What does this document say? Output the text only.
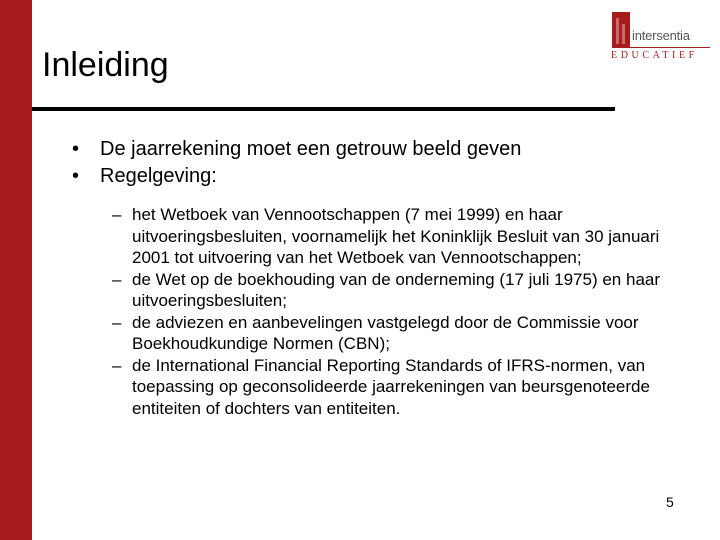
intersentia
EDUCATIEF
Inleiding
• De jaarrekening moet een getrouw beeld geven
• Regelgeving:
– het Wetboek van Vennootschappen (7 mei 1999) en haar uitvoeringsbesluiten, voornamelijk het Koninklijk Besluit van 30 januari 2001 tot uitvoering van het Wetboek van Vennootschappen;
– de Wet op de boekhouding van de onderneming (17 juli 1975) en haar uitvoeringsbesluiten;
– de adviezen en aanbevelingen vastgelegd door de Commissie voor Boekhoudkundige Normen (CBN);
– de International Financial Reporting Standards of IFRS-normen, van toepassing op geconsolideerde jaarrekeningen van beursgenoteerde entiteiten of dochters van entiteiten.
5
